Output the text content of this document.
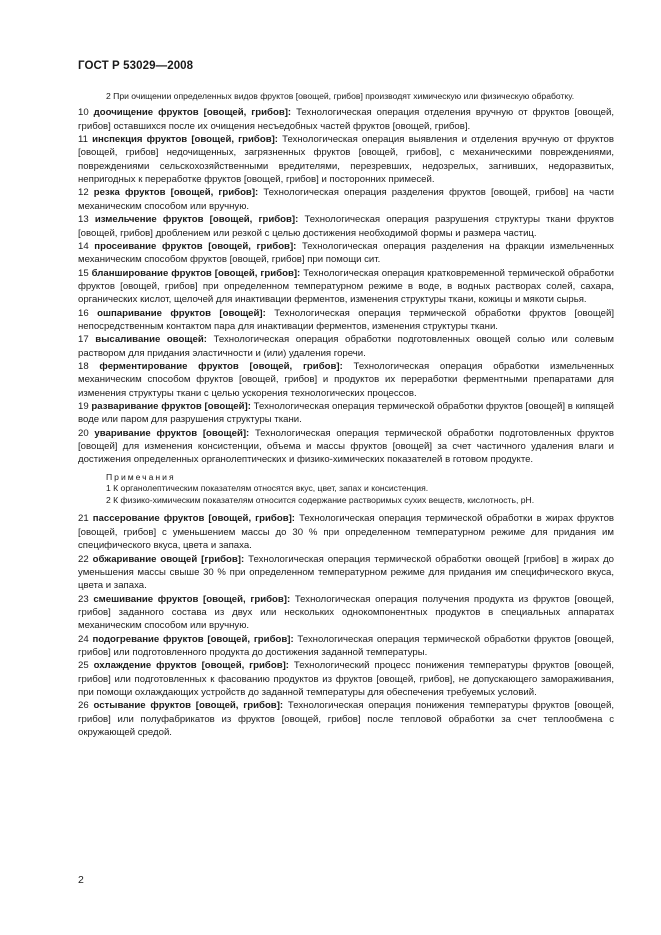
ГОСТ Р 53029—2008

2 При очищении определенных видов фруктов [овощей, грибов] производят химическую или физическую обработку.

10 доочищение фруктов [овощей, грибов]: Технологическая операция отделения вручную от фруктов [овощей, грибов] оставшихся после их очищения несъедобных частей фруктов [овощей, грибов].

11 инспекция фруктов [овощей, грибов]: Технологическая операция выявления и отделения вручную от фруктов [овощей, грибов] недочищенных, загрязненных фруктов [овощей, грибов], с механическими повреждениями, повреждениями сельскохозяйственными вредителями, перезревших, недозрелых, загнивших, недоразвитых, непригодных к переработке фруктов [овощей, грибов] и посторонних примесей.

12 резка фруктов [овощей, грибов]: Технологическая операция разделения фруктов [овощей, грибов] на части механическим способом или вручную.

13 измельчение фруктов [овощей, грибов]: Технологическая операция разрушения структуры ткани фруктов [овощей, грибов] дроблением или резкой с целью достижения необходимой формы и размера частиц.

14 просеивание фруктов [овощей, грибов]: Технологическая операция разделения на фракции измельченных механическим способом фруктов [овощей, грибов] при помощи сит.

15 бланширование фруктов [овощей, грибов]: Технологическая операция кратковременной термической обработки фруктов [овощей, грибов] при определенном температурном режиме в воде, в водных растворах солей, сахара, органических кислот, щелочей для инактивации ферментов, изменения структуры ткани, кожицы и мякоти сырья.

16 ошпаривание фруктов [овощей]: Технологическая операция термической обработки фруктов [овощей] непосредственным контактом пара для инактивации ферментов, изменения структуры ткани.

17 высаливание овощей: Технологическая операция обработки подготовленных овощей солью или солевым раствором для придания эластичности и (или) удаления горечи.

18 ферментирование фруктов [овощей, грибов]: Технологическая операция обработки измельченных механическим способом фруктов [овощей, грибов] и продуктов их переработки ферментными препаратами для изменения структуры ткани с целью ускорения технологических процессов.

19 разваривание фруктов [овощей]: Технологическая операция термической обработки фруктов [овощей] в кипящей воде или паром для разрушения структуры ткани.

20 уваривание фруктов [овощей]: Технологическая операция термической обработки подготовленных фруктов [овощей] для изменения консистенции, объема и массы фруктов [овощей] за счет частичного удаления влаги и достижения определенных органолептических и физико-химических показателей в готовом продукте.

Примечания
1 К органолептическим показателям относятся вкус, цвет, запах и консистенция.
2 К физико-химическим показателям относится содержание растворимых сухих веществ, кислотность, pH.

21 пассерование фруктов [овощей, грибов]: Технологическая операция термической обработки в жирах фруктов [овощей, грибов] с уменьшением массы до 30 % при определенном температурном режиме для придания им специфического вкуса, цвета и запаха.

22 обжаривание овощей [грибов]: Технологическая операция термической обработки овощей [грибов] в жирах до уменьшения массы свыше 30 % при определенном температурном режиме для придания им специфического вкуса, цвета и запаха.

23 смешивание фруктов [овощей, грибов]: Технологическая операция получения продукта из фруктов [овощей, грибов] заданного состава из двух или нескольких однокомпонентных продуктов в специальных аппаратах механическим способом или вручную.

24 подогревание фруктов [овощей, грибов]: Технологическая операция термической обработки фруктов [овощей, грибов] или подготовленного продукта до достижения заданной температуры.

25 охлаждение фруктов [овощей, грибов]: Технологический процесс понижения температуры фруктов [овощей, грибов] или подготовленных к фасованию продуктов из фруктов [овощей, грибов], не допускающего замораживания, при помощи охлаждающих устройств до заданной температуры для обеспечения требуемых условий.

26 остывание фруктов [овощей, грибов]: Технологическая операция понижения температуры фруктов [овощей, грибов] или полуфабрикатов из фруктов [овощей, грибов] после тепловой обработки за счет теплообмена с окружающей средой.

2
